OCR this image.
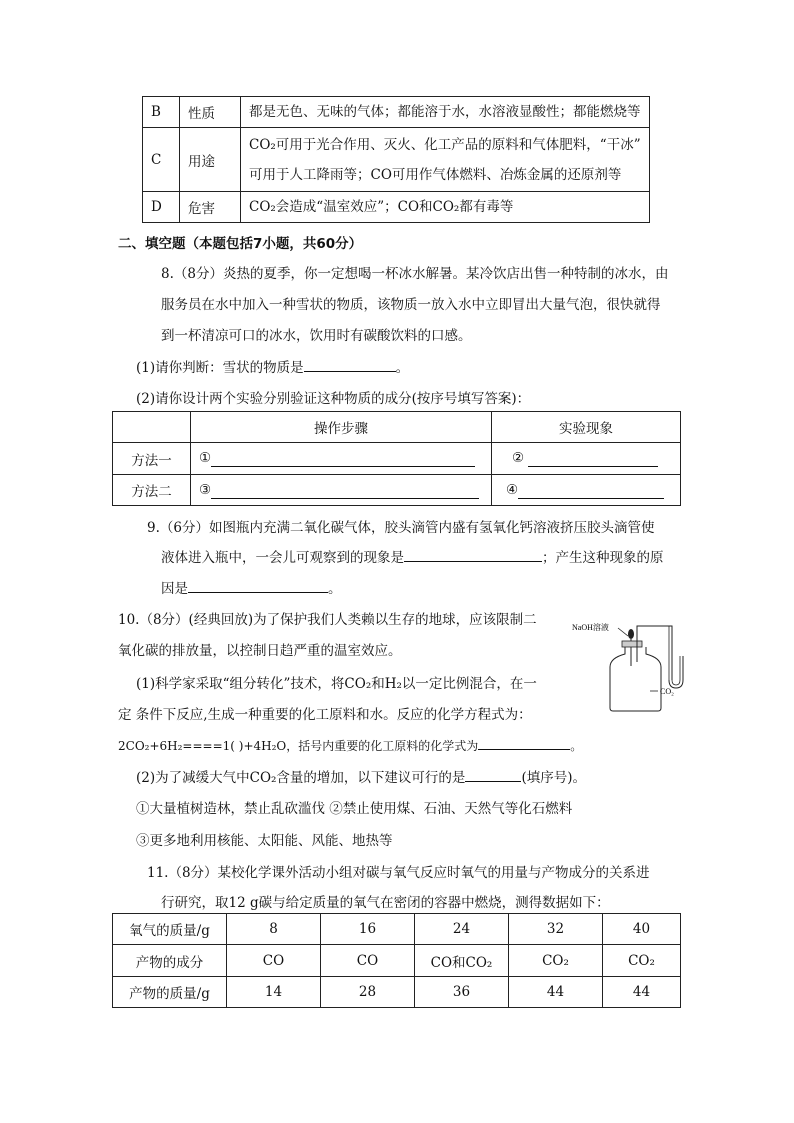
B	性质	都是无色、无味的气体；都能溶于水，水溶液显酸性；都能燃烧等
C	用途	CO₂可用于光合作用、灭火、化工产品的原料和气体肥料，“干冰”
可用于人工降雨等；CO可用作气体燃料、冶炼金属的还原剂等

D	危害	CO₂会造成“温室效应”；CO和CO₂都有毒等
二、填空题（本题包括7小题，共60分）
8.（8分）炎热的夏季，你一定想喝一杯冰水解暑。某冷饮店出售一种特制的冰水，由
服务员在水中加入一种雪状的物质，该物质一放入水中立即冒出大量气泡，很快就得
到一杯清凉可口的冰水，饮用时有碳酸饮料的口感。
(1)请你判断：雪状的物质是	。
(2)请你设计两个实验分别验证这种物质的成分(按序号填写答案)：
	操作步骤	实验现象
方法一	①	②
方法二	③	④
9.（6分）如图瓶内充满二氧化碳气体，胶头滴管内盛有氢氧化钙溶液挤压胶头滴管使
液体进入瓶中，一会儿可观察到的现象是	；产生这种现象的原
因是	。
10.（8分）(经典回放)为了保护我们人类赖以生存的地球，应该限制二
氧化碳的排放量，以控制日趋严重的温室效应。
(1)科学家采取“组分转化”技术，将CO₂和H₂以一定比例混合，在一
定 条件下反应,生成一种重要的化工原料和水。反应的化学方程式为：
2CO₂+6H₂====1( )+4H₂O，括号内重要的化工原料的化学式为	。
(2)为了减缓大气中CO₂含量的增加，以下建议可行的是	(填序号)。
①大量植树造林，禁止乱砍滥伐 ②禁止使用煤、石油、天然气等化石燃料
③更多地利用核能、太阳能、风能、地热等
NaOH溶液
CO₂
11.（8分）某校化学课外活动小组对碳与氧气反应时氧气的用量与产物成分的关系进
行研究，取12 g碳与给定质量的氧气在密闭的容器中燃烧，测得数据如下：
氧气的质量/g	8	16	24	32	40
产物的成分	CO	CO	CO和CO₂	CO₂	CO₂
产物的质量/g	14	28	36	44	44
